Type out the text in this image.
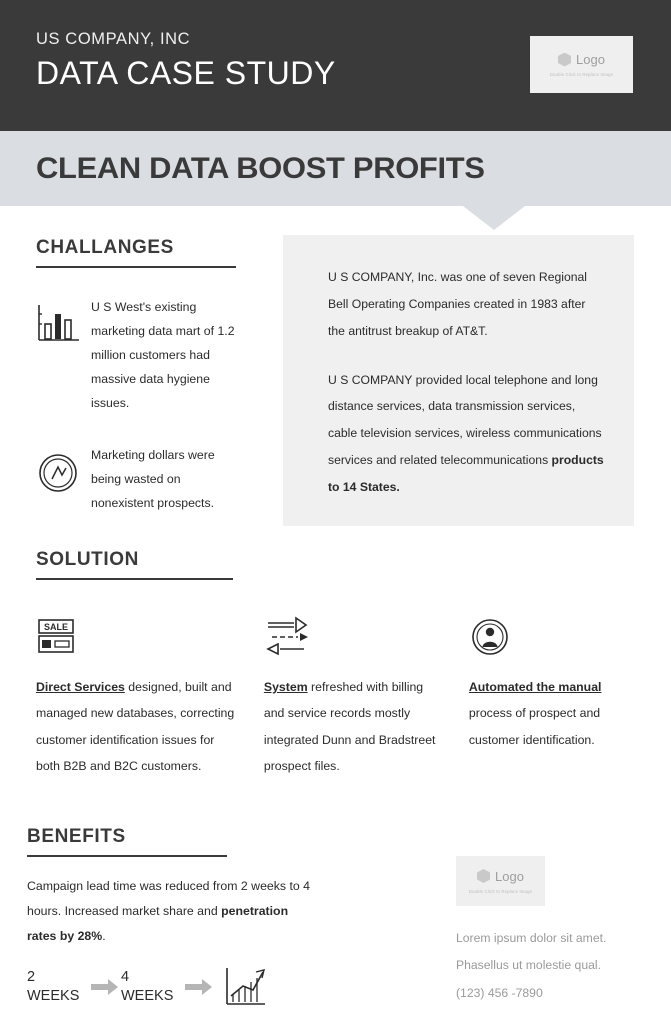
US COMPANY, INC
DATA CASE STUDY	Logo
Double Click to Replace Image
CLEAN DATA BOOST PROFITS
CHALLANGES
U S West's existing marketing data mart of 1.2 million customers had massive data hygiene issues.
Marketing dollars were being wasted on nonexistent prospects.

U S COMPANY, Inc. was one of seven Regional Bell Operating Companies created in 1983 after the antitrust breakup of AT&T.

U S COMPANY provided local telephone and long distance services, data transmission services, cable television services, wireless communications services and related telecommunications products to 14 States.

SOLUTION
SALE
Direct Services designed, built and managed new databases, correcting customer identification issues for both B2B and B2C customers.
System refreshed with billing and service records mostly integrated Dunn and Bradstreet prospect files.
Automated the manual process of prospect and customer identification.
BENEFITS
Campaign lead time was reduced from 2 weeks to 4 hours. Increased market share and penetration rates by 28%.
2
WEEKS
4
WEEKS
Logo
Double Click to Replace Image
Lorem ipsum dolor sit amet.
Phasellus ut molestie qual.
(123) 456 -7890
